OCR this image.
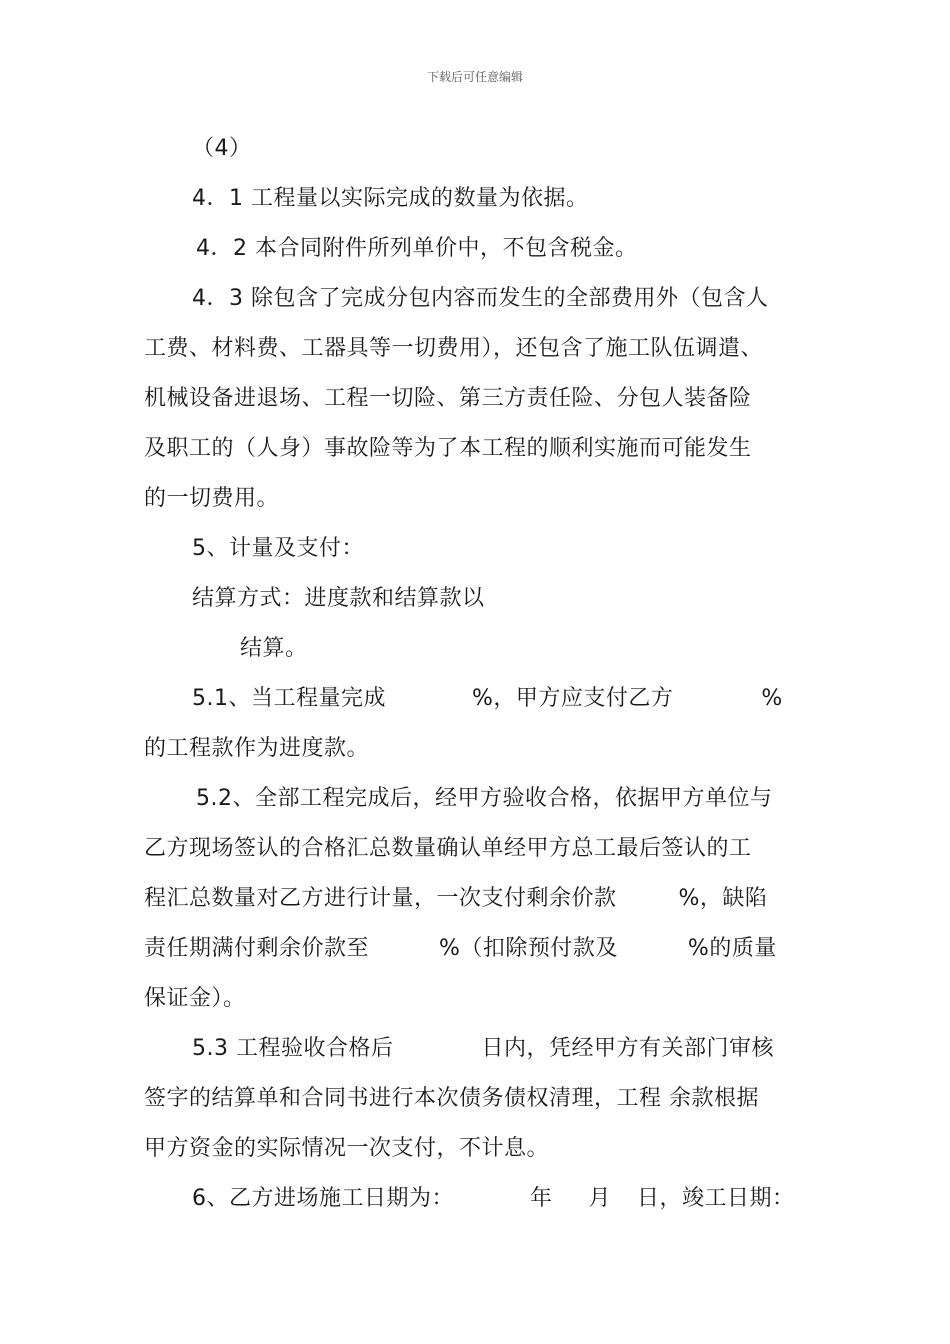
下载后可任意编辑
（4）
4．1 工程量以实际完成的数量为依据。
4．2 本合同附件所列单价中，不包含税金。
4．3 除包含了完成分包内容而发生的全部费用外（包含人
工费、材料费、工器具等一切费用），还包含了施工队伍调遣、
机械设备进退场、工程一切险、第三方责任险、分包人装备险
及职工的（人身）事故险等为了本工程的顺利实施而可能发生
的一切费用。
5、计量及支付：
结算方式：进度款和结算款以
结算。
5.1、当工程量完成	%，甲方应支付乙方	%
的工程款作为进度款。
5.2、全部工程完成后，经甲方验收合格，依据甲方单位与
乙方现场签认的合格汇总数量确认单经甲方总工最后签认的工
程汇总数量对乙方进行计量，一次支付剩余价款	%，缺陷
责任期满付剩余价款至	%（扣除预付款及	%的质量
保证金）。
5.3 工程验收合格后	日内，凭经甲方有关部门审核
签字的结算单和合同书进行本次债务债权清理，工程 余款根据
甲方资金的实际情况一次支付，不计息。
6、乙方进场施工日期为：	年 月 日，竣工日期：
